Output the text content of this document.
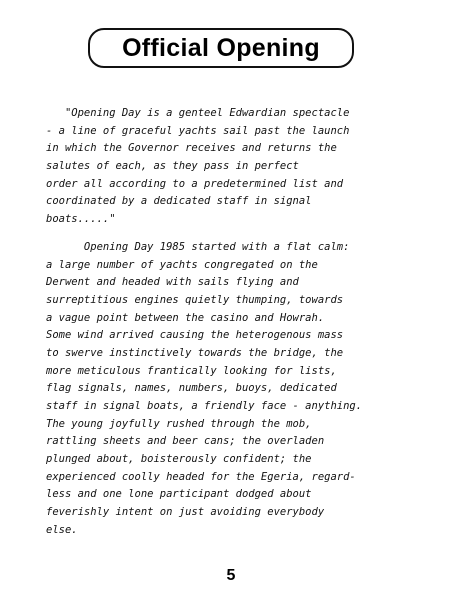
Official Opening
"Opening Day is a genteel Edwardian spectacle
- a line of graceful yachts sail past the launch
in which the Governor receives and returns the
salutes of each, as they pass in perfect
order all according to a predetermined list and
coordinated by a dedicated staff in signal
boats....."
Opening Day 1985 started with a flat calm:
a large number of yachts congregated on the
Derwent and headed with sails flying and
surreptitious engines quietly thumping, towards
a vague point between the casino and Howrah.
Some wind arrived causing the heterogenous mass
to swerve instinctively towards the bridge, the
more meticulous frantically looking for lists,
flag signals, names, numbers, buoys, dedicated
staff in signal boats, a friendly face - anything.
The young joyfully rushed through the mob,
rattling sheets and beer cans; the overladen
plunged about, boisterously confident; the
experienced coolly headed for the Egeria, regard-
less and one lone participant dodged about
feverishly intent on just avoiding everybody
else.
5
